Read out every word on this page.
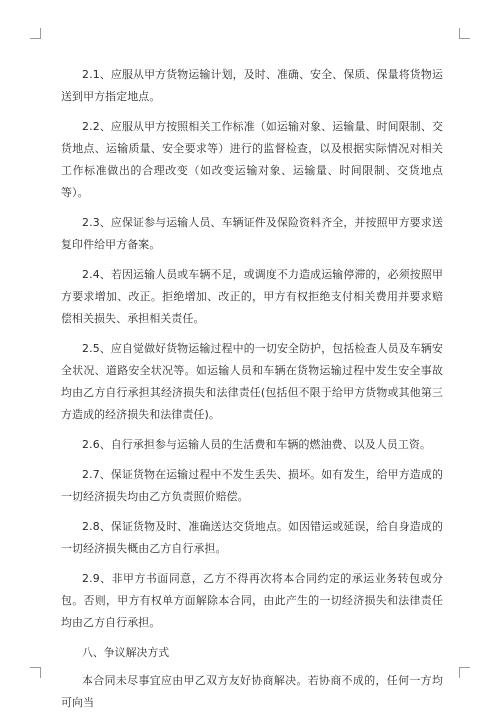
2.1、应服从甲方货物运输计划，及时、准确、安全、保质、保量将货物运送到甲方指定地点。

2.2、应服从甲方按照相关工作标准（如运输对象、运输量、时间限制、交货地点、运输质量、安全要求等）进行的监督检查，以及根据实际情况对相关工作标准做出的合理改变（如改变运输对象、运输量、时间限制、交货地点等）。

2.3、应保证参与运输人员、车辆证件及保险资料齐全，并按照甲方要求送复印件给甲方备案。

2.4、若因运输人员或车辆不足，或调度不力造成运输停滞的，必须按照甲方要求增加、改正。拒绝增加、改正的，甲方有权拒绝支付相关费用并要求赔偿相关损失、承担相关责任。

2.5、应自觉做好货物运输过程中的一切安全防护，包括检查人员及车辆安全状况、道路安全状况等。如运输人员和车辆在货物运输过程中发生安全事故均由乙方自行承担其经济损失和法律责任(包括但不限于给甲方货物或其他第三方造成的经济损失和法律责任)。

2.6、自行承担参与运输人员的生活费和车辆的燃油费、以及人员工资。

2.7、保证货物在运输过程中不发生丢失、损坏。如有发生，给甲方造成的一切经济损失均由乙方负责照价赔偿。

2.8、保证货物及时、准确送达交货地点。如因错运或延误，给自身造成的一切经济损失概由乙方自行承担。

2.9、非甲方书面同意，乙方不得再次将本合同约定的承运业务转包或分包。否则，甲方有权单方面解除本合同，由此产生的一切经济损失和法律责任均由乙方自行承担。

八、争议解决方式

本合同未尽事宜应由甲乙双方友好协商解决。若协商不成的，任何一方均可向当
